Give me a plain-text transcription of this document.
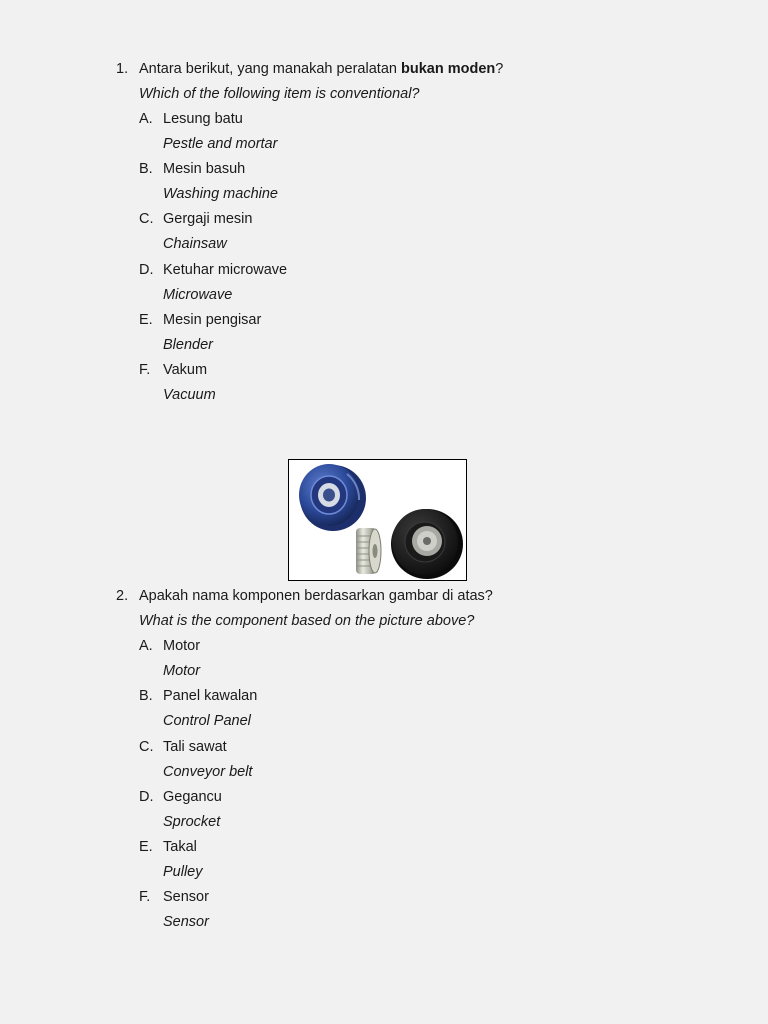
1. Antara berikut, yang manakah peralatan bukan moden?
Which of the following item is conventional?
A. Lesung batu
Pestle and mortar
B. Mesin basuh
Washing machine
C. Gergaji mesin
Chainsaw
D. Ketuhar microwave
Microwave
E. Mesin pengisar
Blender
F. Vakum
Vacuum
2. Apakah nama komponen berdasarkan gambar di atas?
What is the component based on the picture above?
A. Motor
Motor
B. Panel kawalan
Control Panel
C. Tali sawat
Conveyor belt
D. Gegancu
Sprocket
E. Takal
Pulley
F. Sensor
Sensor
